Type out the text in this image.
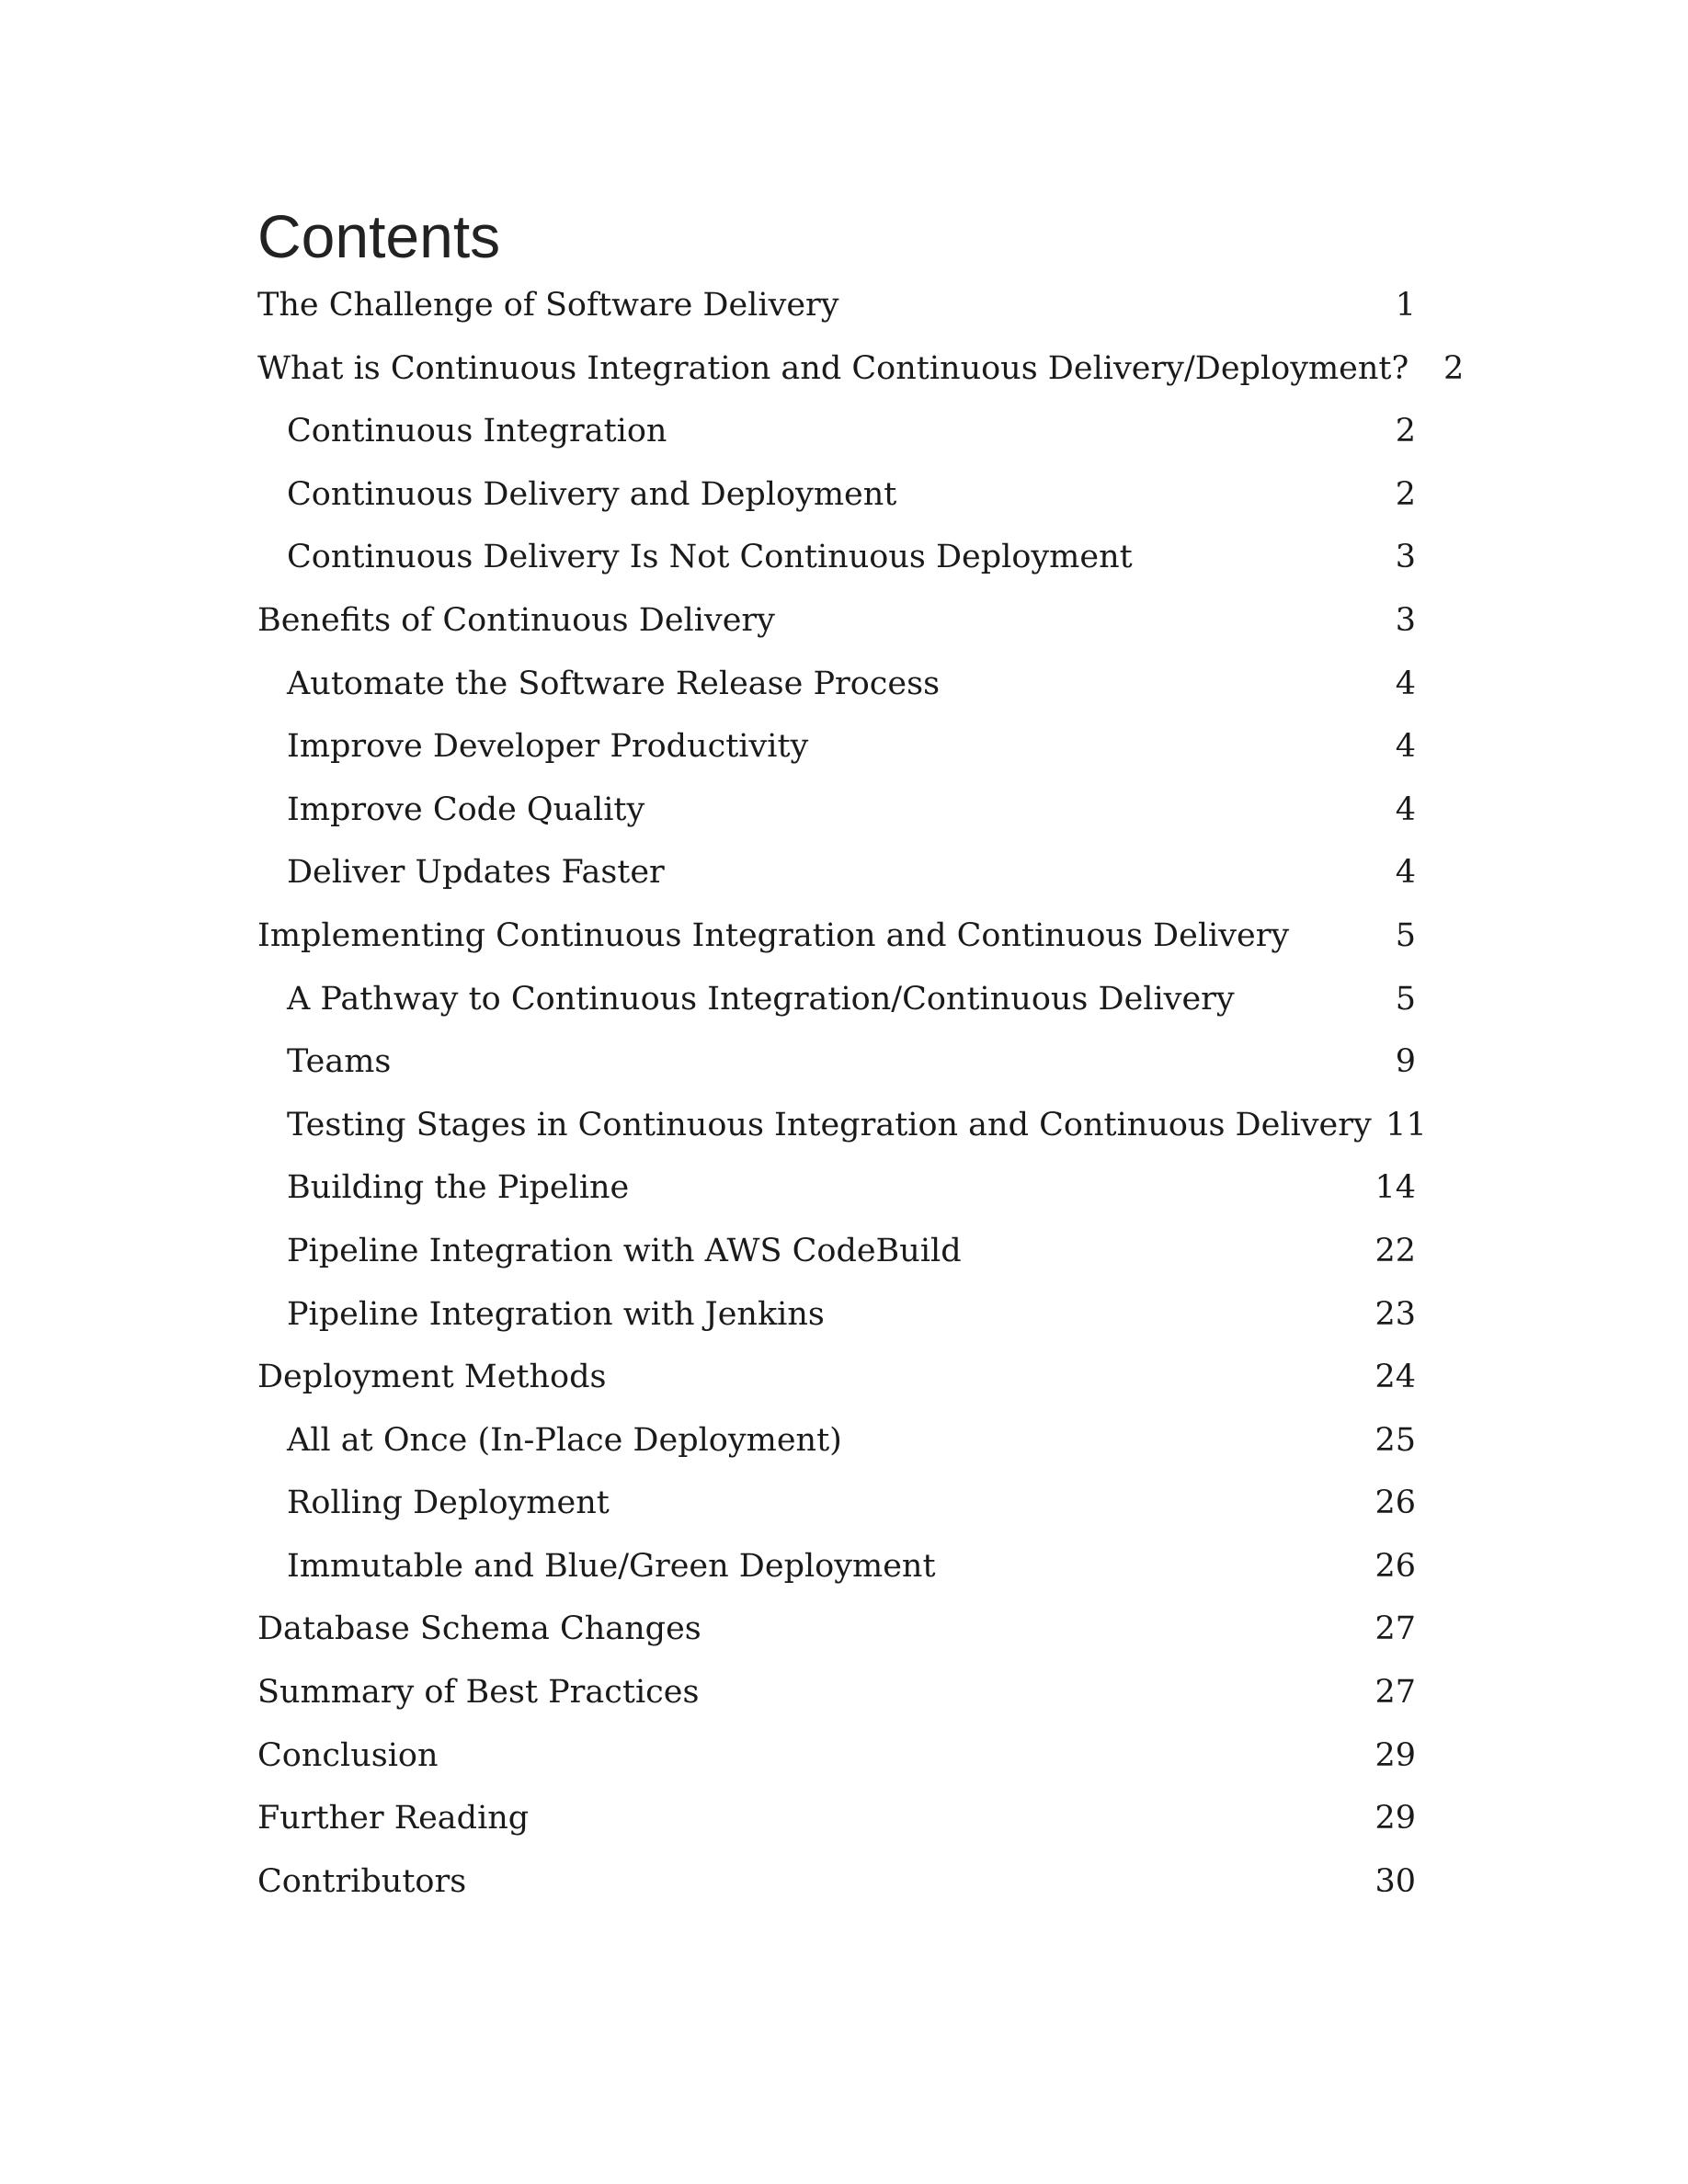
Contents
The Challenge of Software Delivery	1
What is Continuous Integration and Continuous Delivery/Deployment?	2
Continuous Integration	2
Continuous Delivery and Deployment	2
Continuous Delivery Is Not Continuous Deployment	3
Benefits of Continuous Delivery	3
Automate the Software Release Process	4
Improve Developer Productivity	4
Improve Code Quality	4
Deliver Updates Faster	4
Implementing Continuous Integration and Continuous Delivery	5
A Pathway to Continuous Integration/Continuous Delivery	5
Teams	9
Testing Stages in Continuous Integration and Continuous Delivery 11
Building the Pipeline	14
Pipeline Integration with AWS CodeBuild	22
Pipeline Integration with Jenkins	23
Deployment Methods	24
All at Once (In-Place Deployment)	25
Rolling Deployment	26
Immutable and Blue/Green Deployment	26
Database Schema Changes	27
Summary of Best Practices	27
Conclusion	29
Further Reading	29
Contributors	30
